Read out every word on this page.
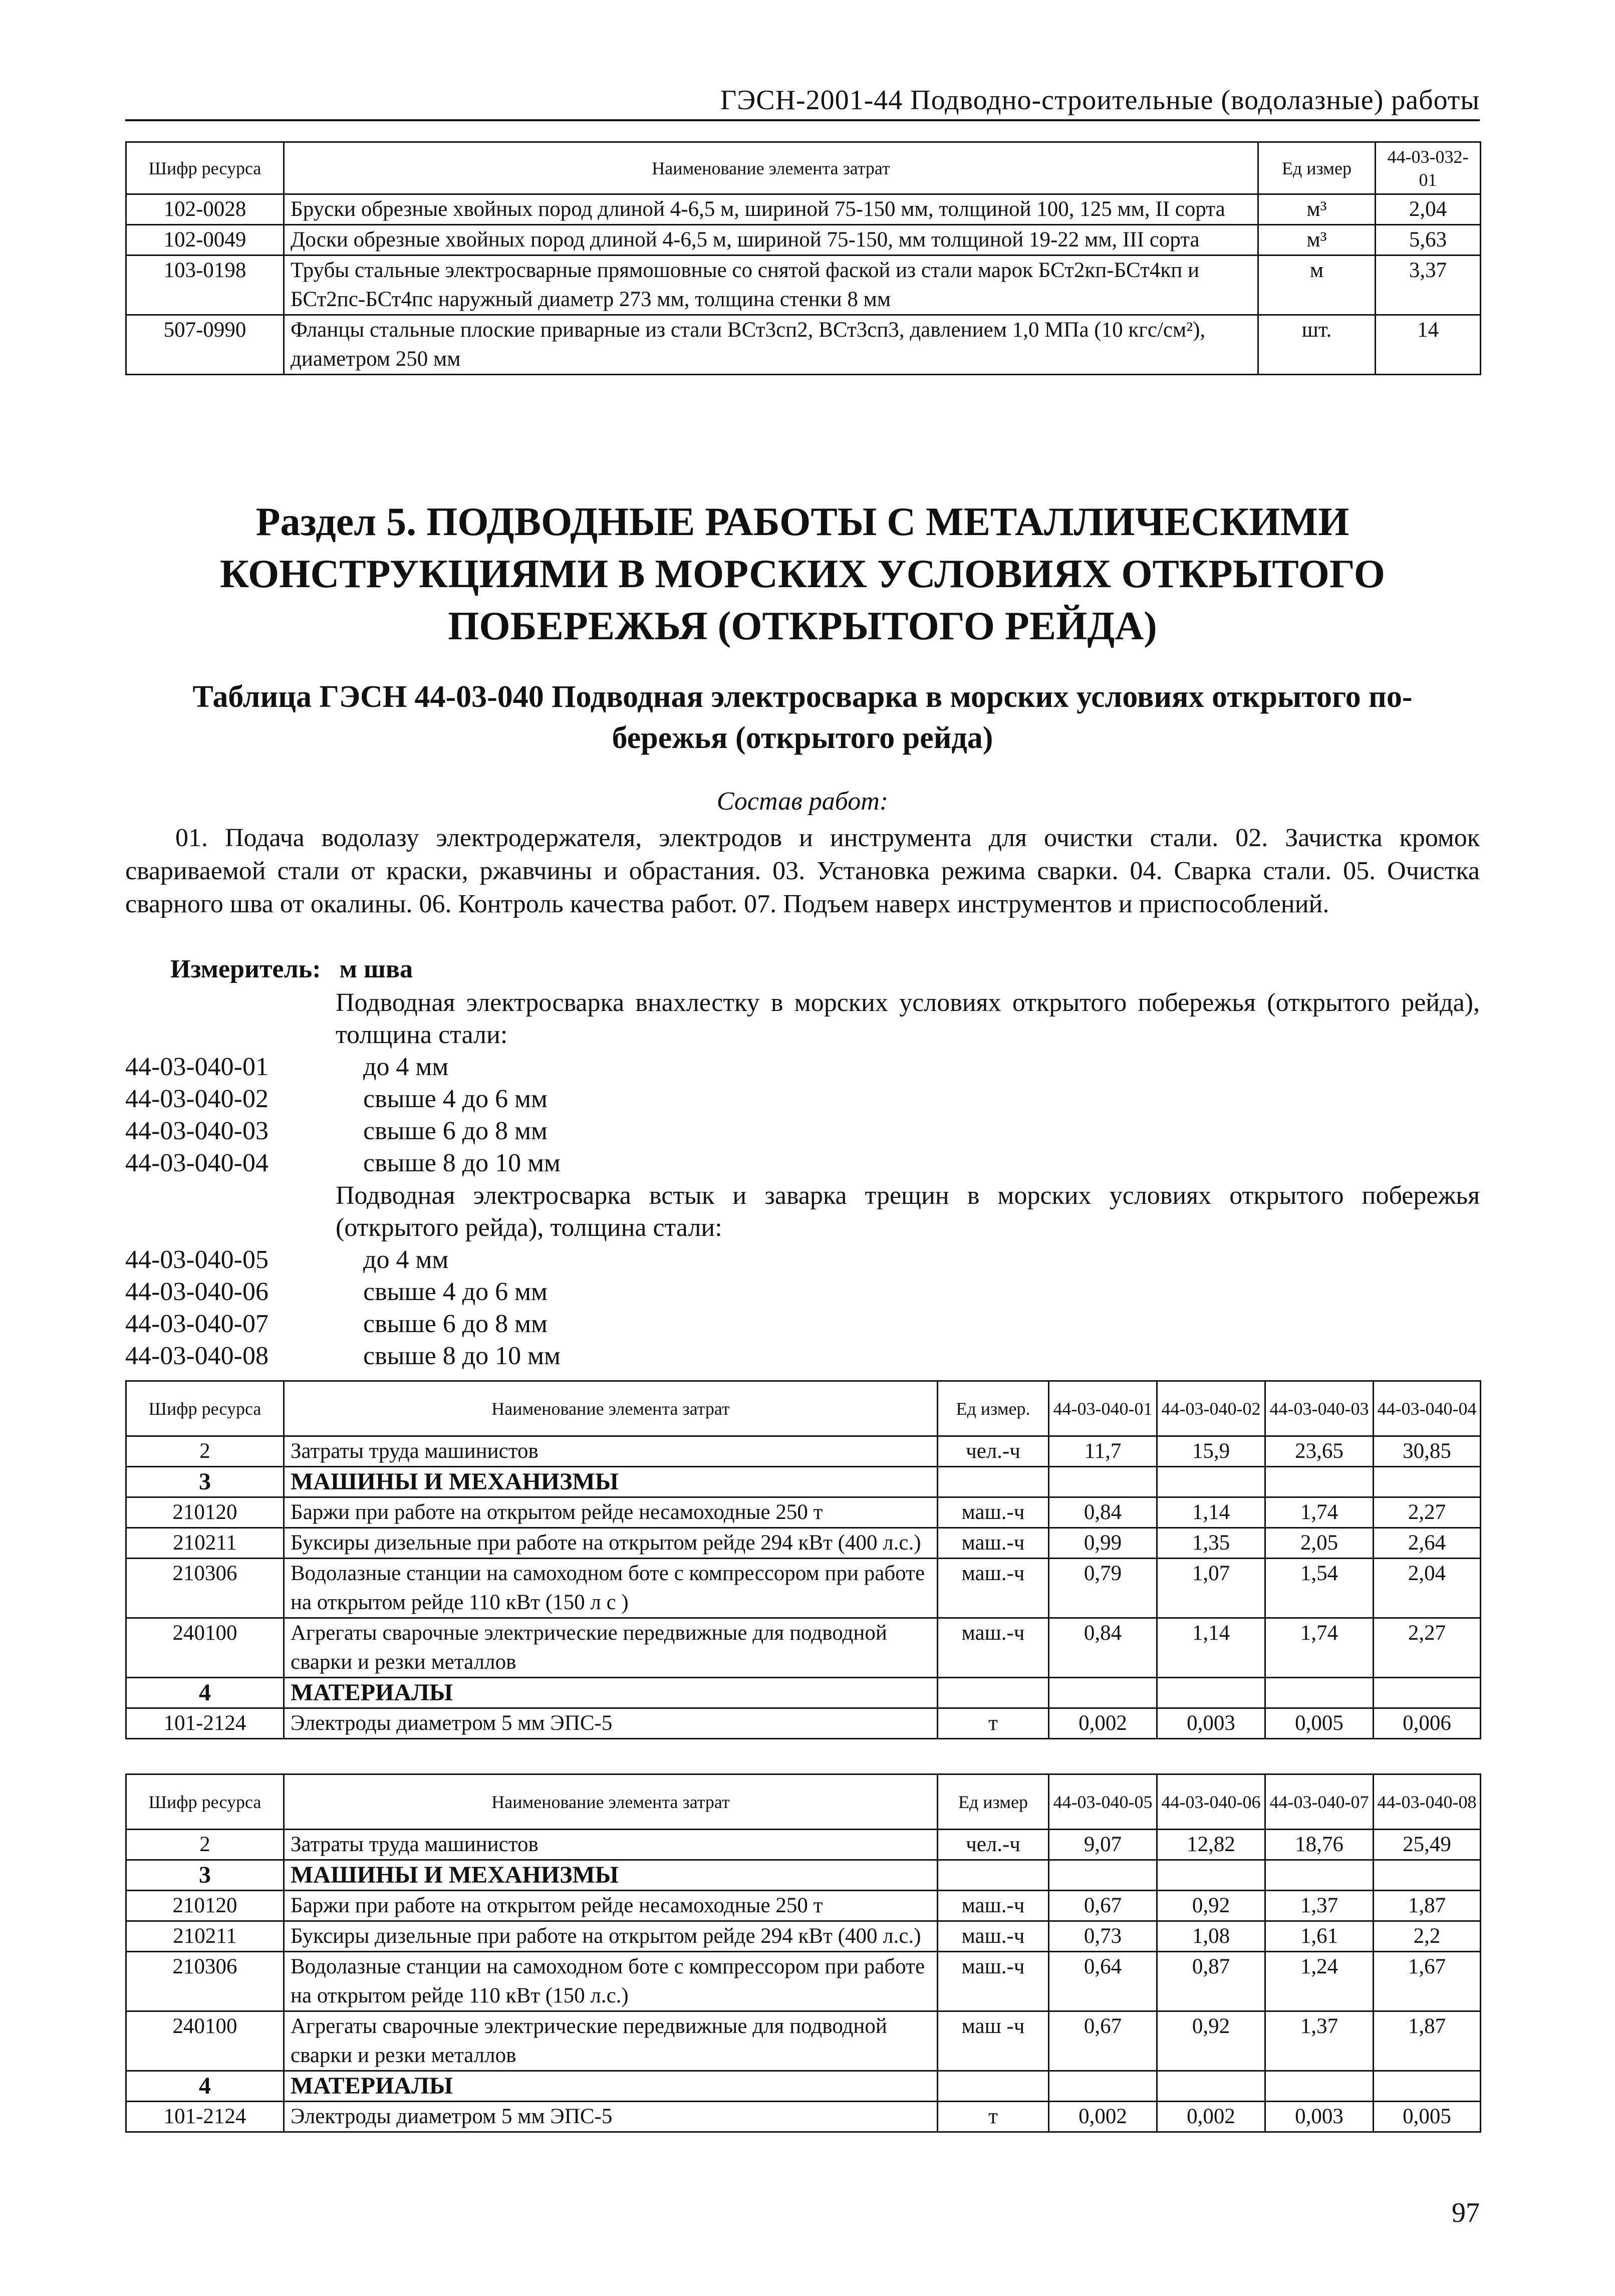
ГЭСН-2001-44 Подводно-строительные (водолазные) работы
Шифр ресурса	Наименование элемента затрат	Ед измер	44-03-032-01
102-0028	Бруски обрезные хвойных пород длиной 4-6,5 м, шириной 75-150 мм, толщиной 100, 125 мм, II сорта	м³	2,04
102-0049	Доски обрезные хвойных пород длиной 4-6,5 м, шириной 75-150, мм толщиной 19-22 мм, III сорта	м³	5,63
103-0198	Трубы стальные электросварные прямошовные со снятой фаской из стали марок БСт2кп-БСт4кп и БСт2пс-БСт4пс наружный диаметр 273 мм, толщина стенки 8 мм	м	3,37
507-0990	Фланцы стальные плоские приварные из стали ВСт3сп2, ВСт3сп3, давлением 1,0 МПа (10 кгс/см²), диаметром 250 мм	шт.	14
Раздел 5. ПОДВОДНЫЕ РАБОТЫ С МЕТАЛЛИЧЕСКИМИ
КОНСТРУКЦИЯМИ В МОРСКИХ УСЛОВИЯХ ОТКРЫТОГО
ПОБЕРЕЖЬЯ (ОТКРЫТОГО РЕЙДА)
Таблица ГЭСН 44-03-040 Подводная электросварка в морских условиях открытого по-
бережья (открытого рейда)
Состав работ:
01. Подача водолазу электродержателя, электродов и инструмента для очистки стали. 02. Зачистка кромок свариваемой стали от краски, ржавчины и обрастания. 03. Установка режима сварки. 04. Сварка стали. 05. Очистка сварного шва от окалины. 06. Контроль качества работ. 07. Подъем наверх инструментов и приспособлений.
Измеритель: м шва
Подводная электросварка внахлестку в морских условиях открытого побережья (открытого рейда), толщина стали:
44-03-040-01	до 4 мм
44-03-040-02	свыше 4 до 6 мм
44-03-040-03	свыше 6 до 8 мм
44-03-040-04	свыше 8 до 10 мм
Подводная электросварка встык и заварка трещин в морских условиях открытого побережья (открытого рейда), толщина стали:
44-03-040-05	до 4 мм
44-03-040-06	свыше 4 до 6 мм
44-03-040-07	свыше 6 до 8 мм
44-03-040-08	свыше 8 до 10 мм
Шифр ресурса	Наименование элемента затрат	Ед измер.	44-03-040-01	44-03-040-02	44-03-040-03	44-03-040-04
2	Затраты труда машинистов	чел.-ч	11,7	15,9	23,65	30,85
3	МАШИНЫ И МЕХАНИЗМЫ					
210120	Баржи при работе на открытом рейде несамоходные 250 т	маш.-ч	0,84	1,14	1,74	2,27
210211	Буксиры дизельные при работе на открытом рейде 294 кВт (400 л.с.)	маш.-ч	0,99	1,35	2,05	2,64
210306	Водолазные станции на самоходном боте с компрессором при работе на открытом рейде 110 кВт (150 л с )	маш.-ч	0,79	1,07	1,54	2,04
240100	Агрегаты сварочные электрические передвижные для подводной сварки и резки металлов	маш.-ч	0,84	1,14	1,74	2,27
4	МАТЕРИАЛЫ					
101-2124	Электроды диаметром 5 мм ЭПС-5	т	0,002	0,003	0,005	0,006
Шифр ресурса	Наименование элемента затрат	Ед измер	44-03-040-05	44-03-040-06	44-03-040-07	44-03-040-08
2	Затраты труда машинистов	чел.-ч	9,07	12,82	18,76	25,49
3	МАШИНЫ И МЕХАНИЗМЫ					
210120	Баржи при работе на открытом рейде несамоходные 250 т	маш.-ч	0,67	0,92	1,37	1,87
210211	Буксиры дизельные при работе на открытом рейде 294 кВт (400 л.с.)	маш.-ч	0,73	1,08	1,61	2,2
210306	Водолазные станции на самоходном боте с компрессором при работе на открытом рейде 110 кВт (150 л.с.)	маш.-ч	0,64	0,87	1,24	1,67
240100	Агрегаты сварочные электрические передвижные для подводной сварки и резки металлов	маш -ч	0,67	0,92	1,37	1,87
4	МАТЕРИАЛЫ					
101-2124	Электроды диаметром 5 мм ЭПС-5	т	0,002	0,002	0,003	0,005
97
